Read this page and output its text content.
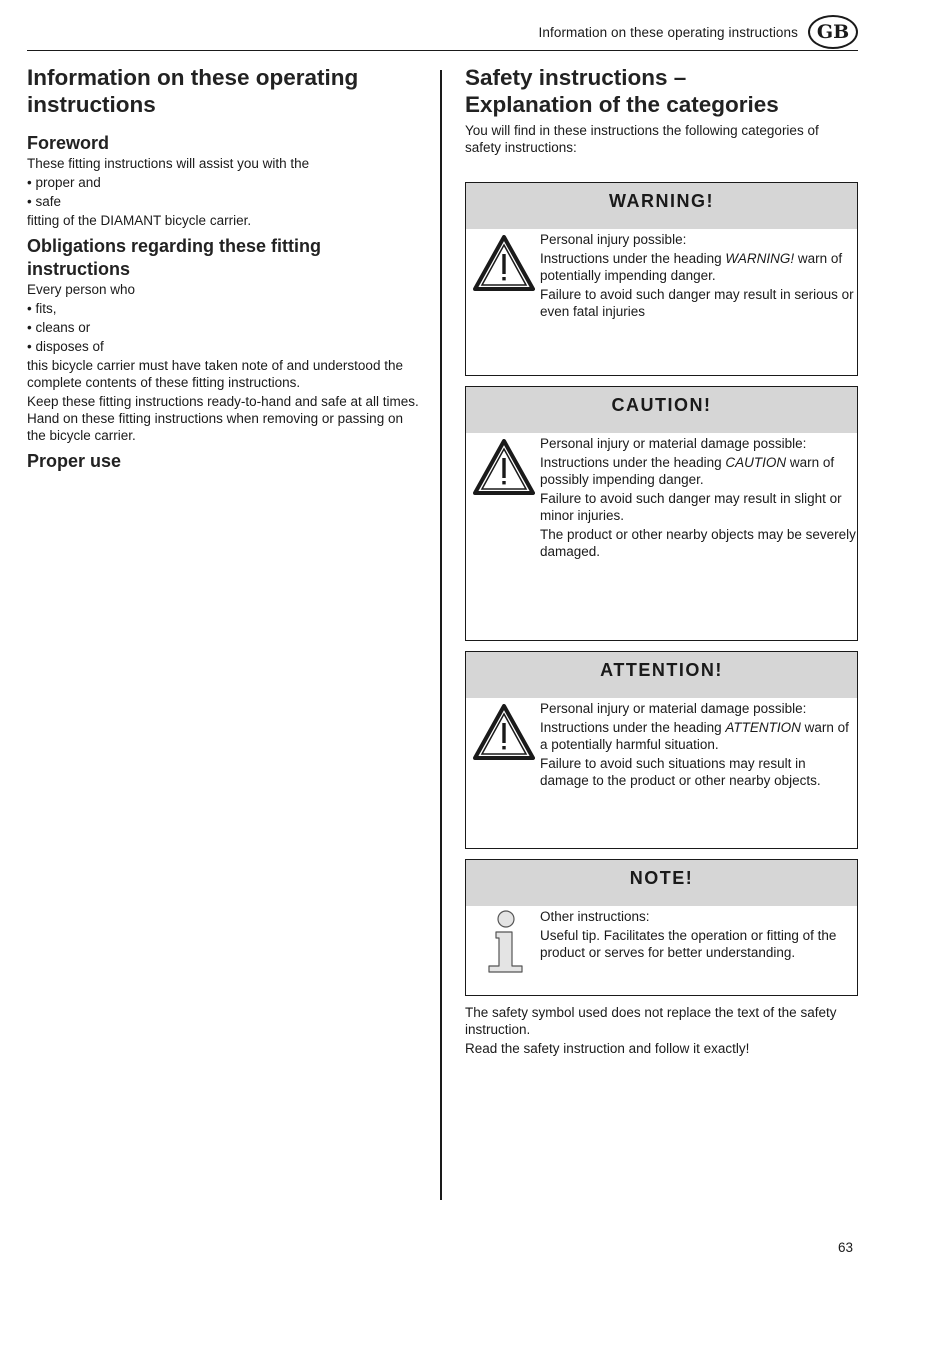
Information on these operating instructions GB
Information on these operating instructions
Foreword

These fitting instructions will assist you with the

• proper and

• safe

fitting of the DIAMANT bicycle carrier.

Obligations regarding these fitting instructions

Every person who

• fits,

• cleans or

• disposes of

this bicycle carrier must have taken note of and understood the complete contents of these fitting instructions.

Keep these fitting instructions ready-to-hand and safe at all times. Hand on these fitting instructions when removing or passing on the bicycle carrier.

Proper use
Safety instructions –
Explanation of the categories

You will find in these instructions the following categories of safety instructions:

WARNING!

Personal injury possible:

Instructions under the heading WARNING! warn of potentially impending danger.

Failure to avoid such danger may result in serious or even fatal injuries

CAUTION!

Personal injury or material damage possible:

Instructions under the heading CAUTION warn of possibly impending danger.

Failure to avoid such danger may result in slight or minor injuries.

The product or other nearby objects may be severely damaged.

ATTENTION!

Personal injury or material damage possible:

Instructions under the heading ATTENTION warn of a potentially harmful situation.

Failure to avoid such situations may result in damage to the product or other nearby objects.

NOTE!

Other instructions:

Useful tip. Facilitates the operation or fitting of the product or serves for better understanding.

The safety symbol used does not replace the text of the safety instruction.

Read the safety instruction and follow it exactly!

63
